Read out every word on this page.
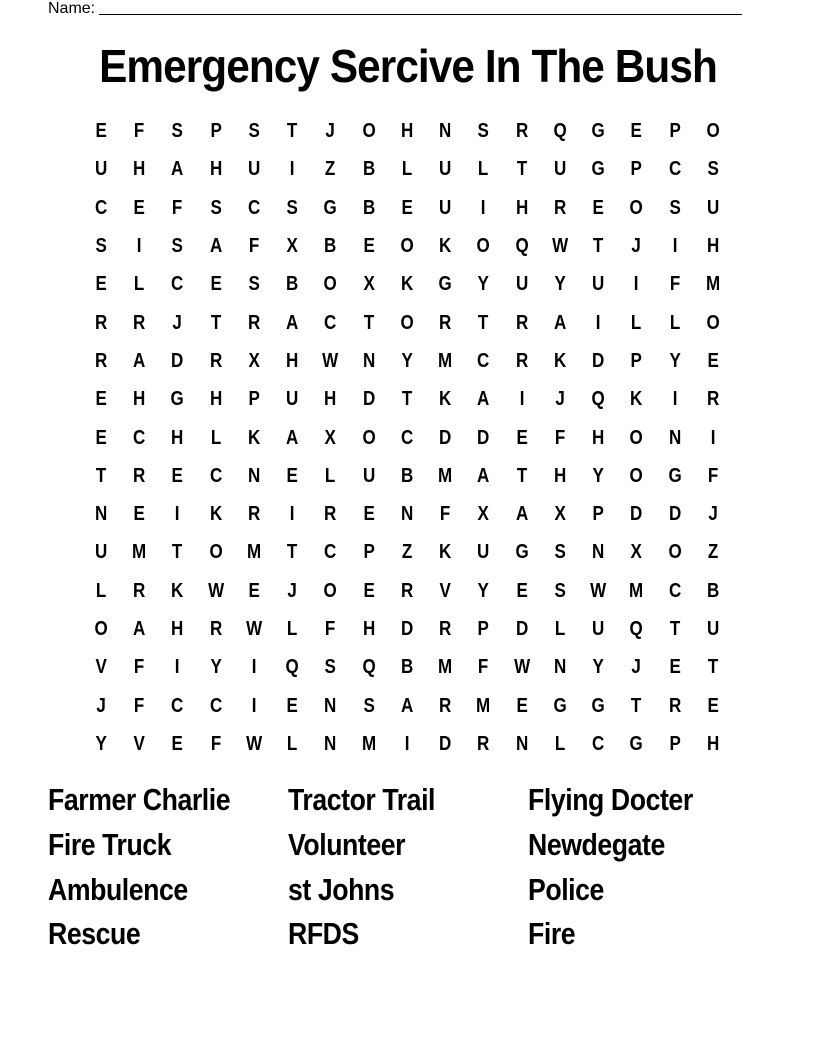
Name:
Emergency Sercive In The Bush
E	F	S	P	S	T	J	O	H	N	S	R	Q	G	E	P	O
U	H	A	H	U	I	Z	B	L	U	L	T	U	G	P	C	S
C	E	F	S	C	S	G	B	E	U	I	H	R	E	O	S	U
S	I	S	A	F	X	B	E	O	K	O	Q	W	T	J	I	H
E	L	C	E	S	B	O	X	K	G	Y	U	Y	U	I	F	M
R	R	J	T	R	A	C	T	O	R	T	R	A	I	L	L	O
R	A	D	R	X	H	W	N	Y	M	C	R	K	D	P	Y	E
E	H	G	H	P	U	H	D	T	K	A	I	J	Q	K	I	R
E	C	H	L	K	A	X	O	C	D	D	E	F	H	O	N	I
T	R	E	C	N	E	L	U	B	M	A	T	H	Y	O	G	F
N	E	I	K	R	I	R	E	N	F	X	A	X	P	D	D	J
U	M	T	O	M	T	C	P	Z	K	U	G	S	N	X	O	Z
L	R	K	W	E	J	O	E	R	V	Y	E	S	W	M	C	B
O	A	H	R	W	L	F	H	D	R	P	D	L	U	Q	T	U
V	F	I	Y	I	Q	S	Q	B	M	F	W	N	Y	J	E	T
J	F	C	C	I	E	N	S	A	R	M	E	G	G	T	R	E
Y	V	E	F	W	L	N	M	I	D	R	N	L	C	G	P	H
Farmer Charlie	Tractor Trail	Flying Docter
Fire Truck	Volunteer	Newdegate
Ambulence	st Johns	Police
Rescue	RFDS	Fire
